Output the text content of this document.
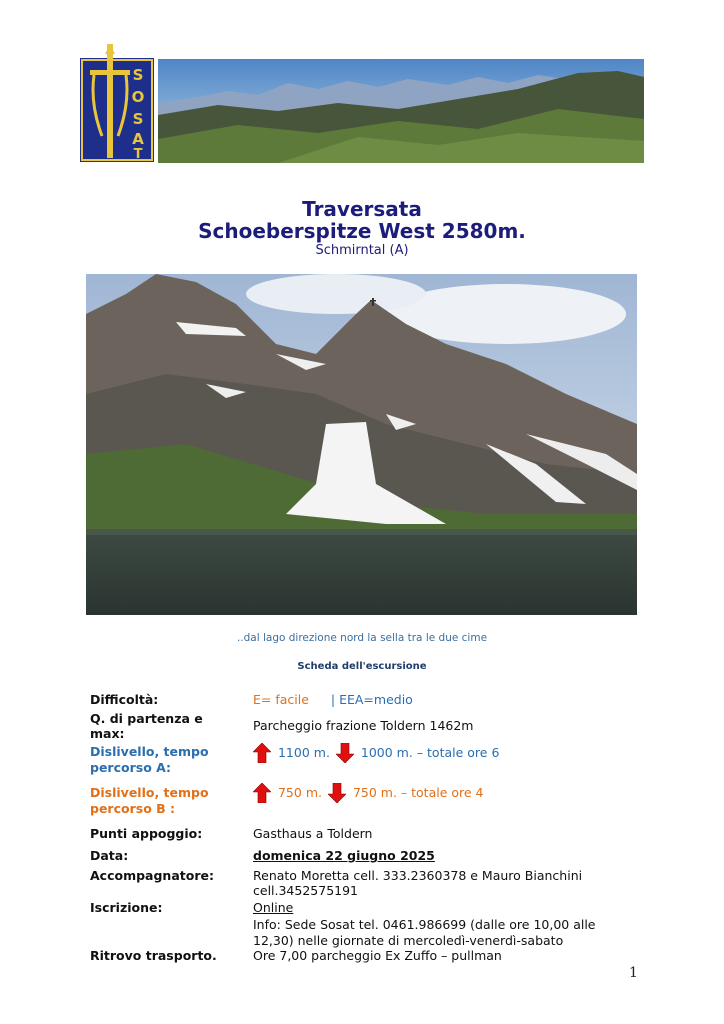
S
O
S
A
T
Traversata
Schoeberspitze West 2580m.
Schmirntal (A)
..dal lago direzione nord la sella tra le due cime
Scheda dell'escursione
Difficoltà:	E= facile | EEA=medio
Q. di partenza e
max:
Parcheggio frazione Toldern 1462m
Dislivello, tempo
percorso A:
1100 m. 1000 m. – totale ore 6
Dislivello, tempo
percorso B :
750 m. 750 m. – totale ore 4
Punti appoggio:	Gasthaus a Toldern
Data:	domenica 22 giugno 2025
Accompagnatore:	Renato Moretta cell. 333.2360378 e Mauro Bianchini
cell.3452575191
Iscrizione:	Online
Info: Sede Sosat tel. 0461.986699 (dalle ore 10,00 alle
12,30) nelle giornate di mercoledì-venerdì-sabato
Ritrovo trasporto.	Ore 7,00 parcheggio Ex Zuffo – pullman
1
